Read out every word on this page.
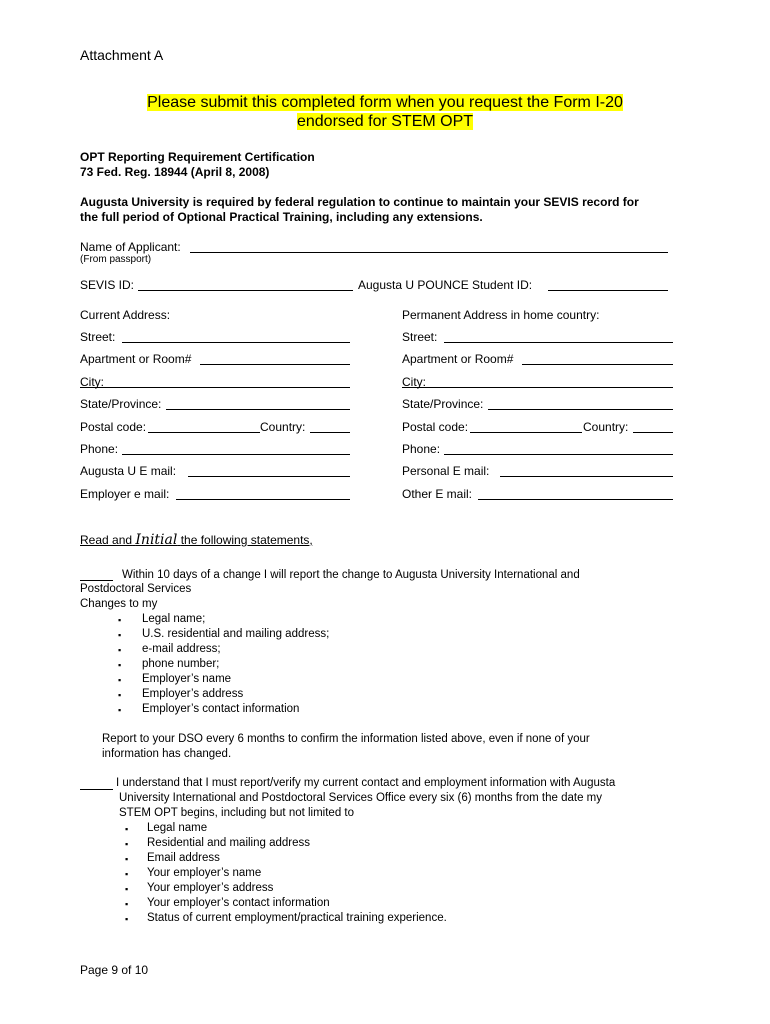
Attachment A
Please submit this completed form when you request the Form I-20
endorsed for STEM OPT
OPT Reporting Requirement Certification
73 Fed. Reg. 18944 (April 8, 2008)
Augusta University is required by federal regulation to continue to maintain your SEVIS record for
the full period of Optional Practical Training, including any extensions.
Name of Applicant:
(From passport)
SEVIS ID:	Augusta U POUNCE Student ID:
Current Address:
Street:
Apartment or Room#
City:
State/Province:
Postal code:	Country:
Phone:
Augusta U E mail:
Employer e mail:
Permanent Address in home country:
Street:
Apartment or Room#
City:
State/Province:
Postal code:	Country:
Phone:
Personal E mail:
Other E mail:
Read and Initial the following statements,
Within 10 days of a change I will report the change to Augusta University International and
Postdoctoral Services
Changes to my
▪ Legal name;
▪ U.S. residential and mailing address;
▪ e-mail address;
▪ phone number;
▪ Employer’s name
▪ Employer’s address
▪ Employer’s contact information
Report to your DSO every 6 months to confirm the information listed above, even if none of your
information has changed.
I understand that I must report/verify my current contact and employment information with Augusta
University International and Postdoctoral Services Office every six (6) months from the date my
STEM OPT begins, including but not limited to
▪ Legal name
▪ Residential and mailing address
▪ Email address
▪ Your employer’s name
▪ Your employer’s address
▪ Your employer’s contact information
▪ Status of current employment/practical training experience.
Page 9 of 10
